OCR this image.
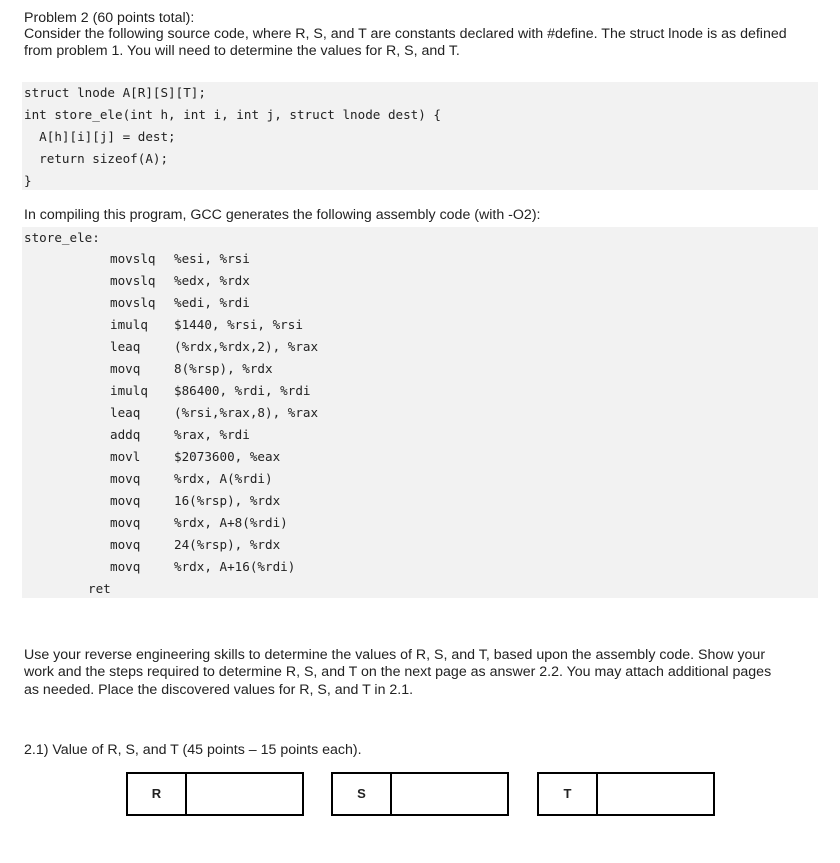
Problem 2 (60 points total):
Consider the following source code, where R, S, and T are constants declared with #define. The struct lnode is as defined
from problem 1. You will need to determine the values for R, S, and T.
struct lnode A[R][S][T];
int store_ele(int h, int i, int j, struct lnode dest) {
A[h][i][j] = dest;
return sizeof(A);
}
In compiling this program, GCC generates the following assembly code (with -O2):
store_ele:
movslq %esi, %rsi
movslq %edx, %rdx
movslq %edi, %rdi
imulq $1440, %rsi, %rsi
leaq	(%rdx,%rdx,2), %rax
movq	8(%rsp), %rdx
imulq $86400, %rdi, %rdi
leaq	(%rsi,%rax,8), %rax
addq	%rax, %rdi
movl	$2073600, %eax
movq	%rdx, A(%rdi)
movq	16(%rsp), %rdx
movq	%rdx, A+8(%rdi)
movq	24(%rsp), %rdx
movq	%rdx, A+16(%rdi)
ret
Use your reverse engineering skills to determine the values of R, S, and T, based upon the assembly code. Show your
work and the steps required to determine R, S, and T on the next page as answer 2.2. You may attach additional pages
as needed. Place the discovered values for R, S, and T in 2.1.
2.1) Value of R, S, and T (45 points – 15 points each).
R	S	T
